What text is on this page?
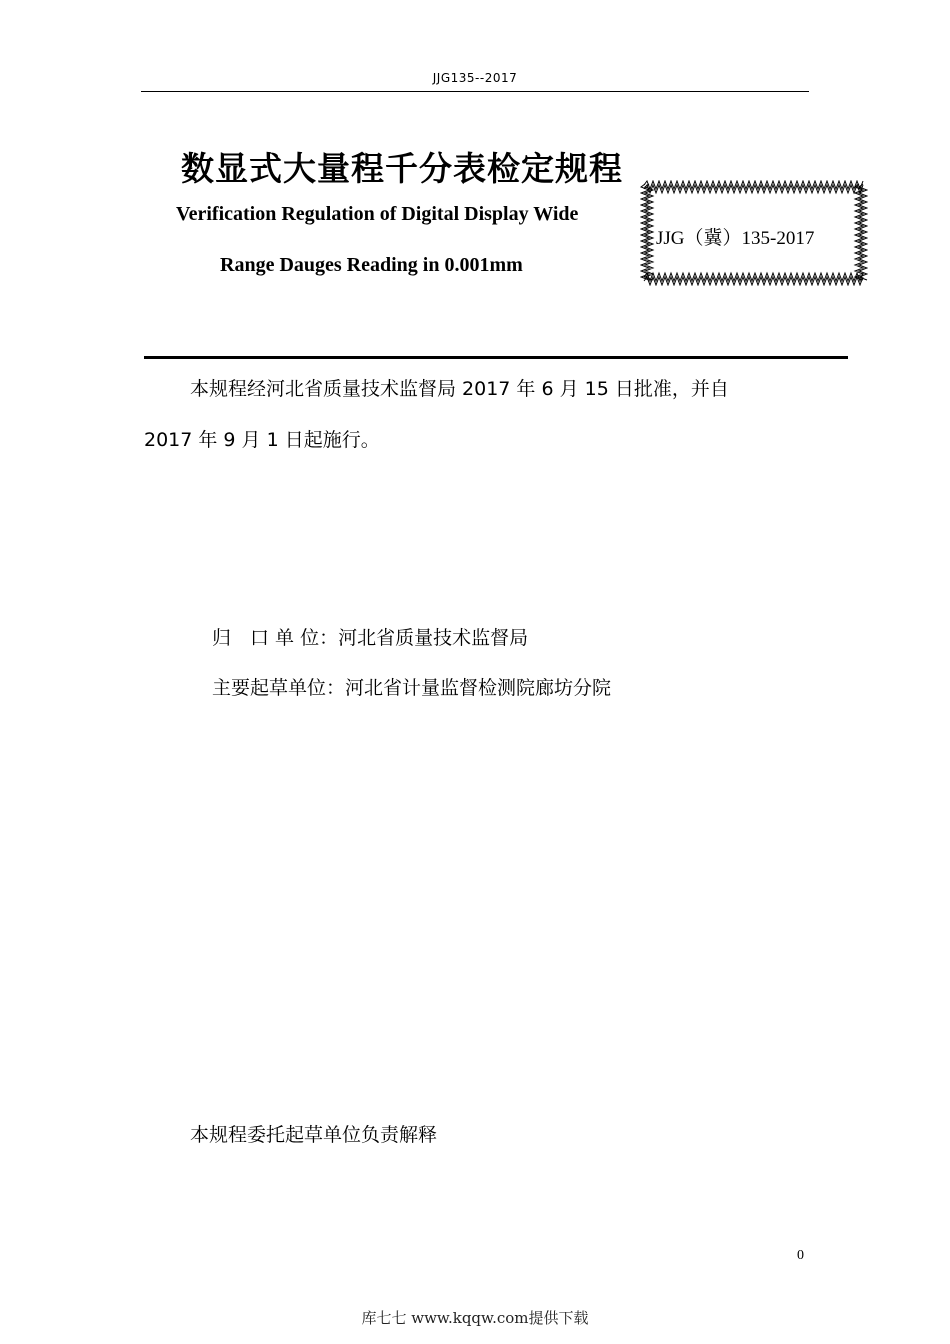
JJG135--2017
数显式大量程千分表检定规程
Verification Regulation of Digital Display Wide
Range Dauges Reading in 0.001mm
JJG（冀）135-2017
本规程经河北省质量技术监督局 2017 年 6 月 15 日批准，并自
2017 年 9 月 1 日起施行。
归　口 单 位：河北省质量技术监督局
主要起草单位：河北省计量监督检测院廊坊分院
本规程委托起草单位负责解释
0
库七七 www.kqqw.com提供下载
